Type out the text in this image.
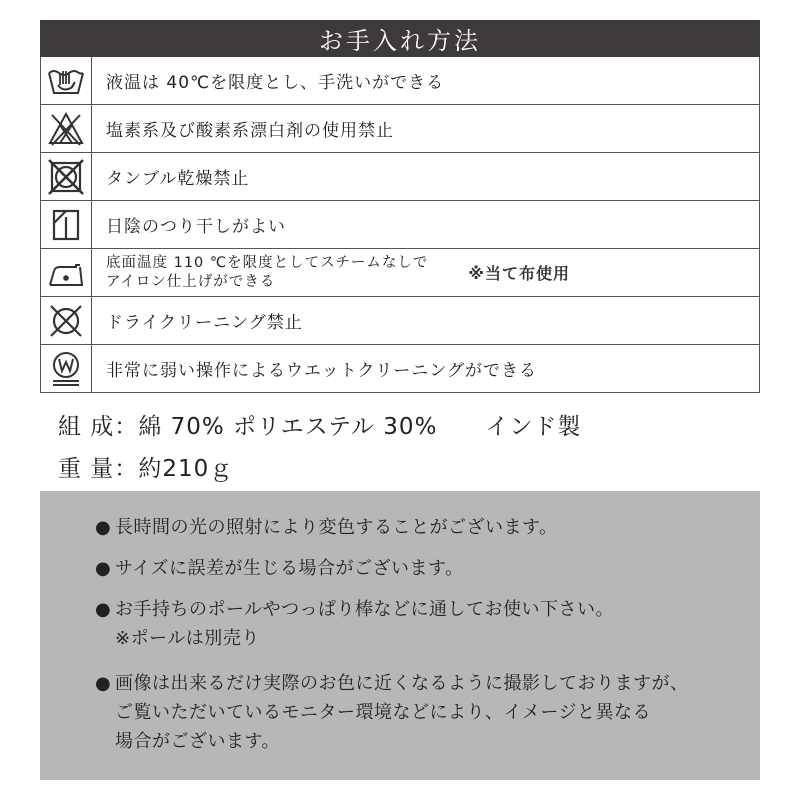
お手入れ方法
液温は 40℃を限度とし、手洗いができる
塩素系及び酸素系漂白剤の使用禁止
タンブル乾燥禁止
日陰のつり干しがよい
底面温度 110 ℃を限度としてスチームなしで
アイロン仕上げができる	※当て布使用
ドライクリーニング禁止
非常に弱い操作によるウエットクリーニングができる
組 成：綿 70% ポリエステル 30% インド製
重 量：約210ｇ
● 長時間の光の照射により変色することがございます。
● サイズに誤差が生じる場合がございます。
● お手持ちのポールやつっぱり棒などに通してお使い下さい。
※ポールは別売り
● 画像は出来るだけ実際のお色に近くなるように撮影しておりますが、
ご覧いただいているモニター環境などにより、イメージと異なる
場合がございます。
